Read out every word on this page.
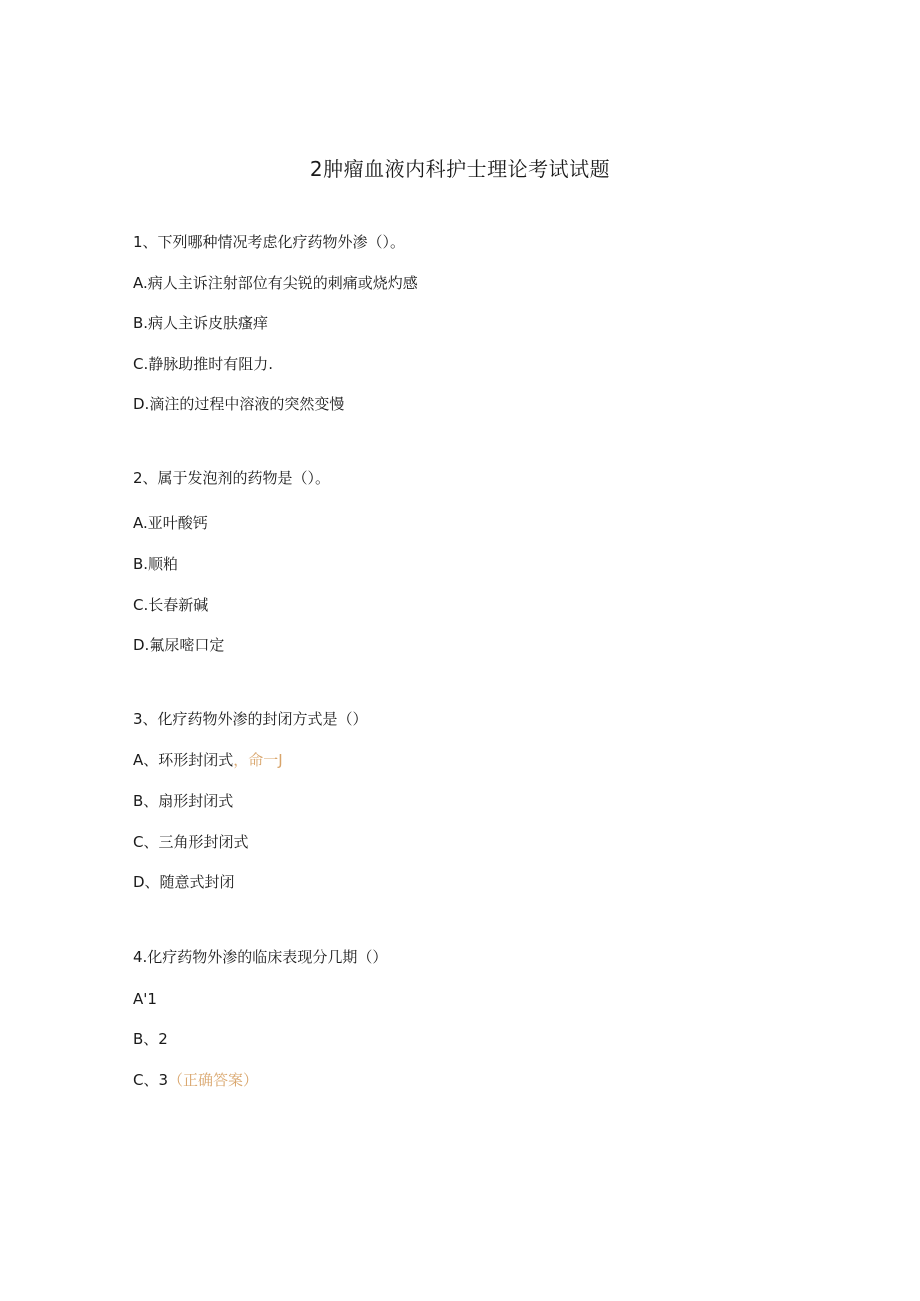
2肿瘤血液内科护士理论考试试题
1、下列哪种情况考虑化疗药物外渗（）。
A.病人主诉注射部位有尖锐的刺痛或烧灼感
B.病人主诉皮肤瘙痒
C.静脉助推时有阻力.
D.滴注的过程中溶液的突然变慢
2、属于发泡剂的药物是（）。
A.亚叶酸钙
B.顺粕
C.长春新碱
D.氟尿嘧口定
3、化疗药物外渗的封闭方式是（）
A、环形封闭式，命一J
B、扇形封闭式
C、三角形封闭式
D、随意式封闭
4.化疗药物外渗的临床表现分几期（）
A'1
B、2
C、3（正确答案）
